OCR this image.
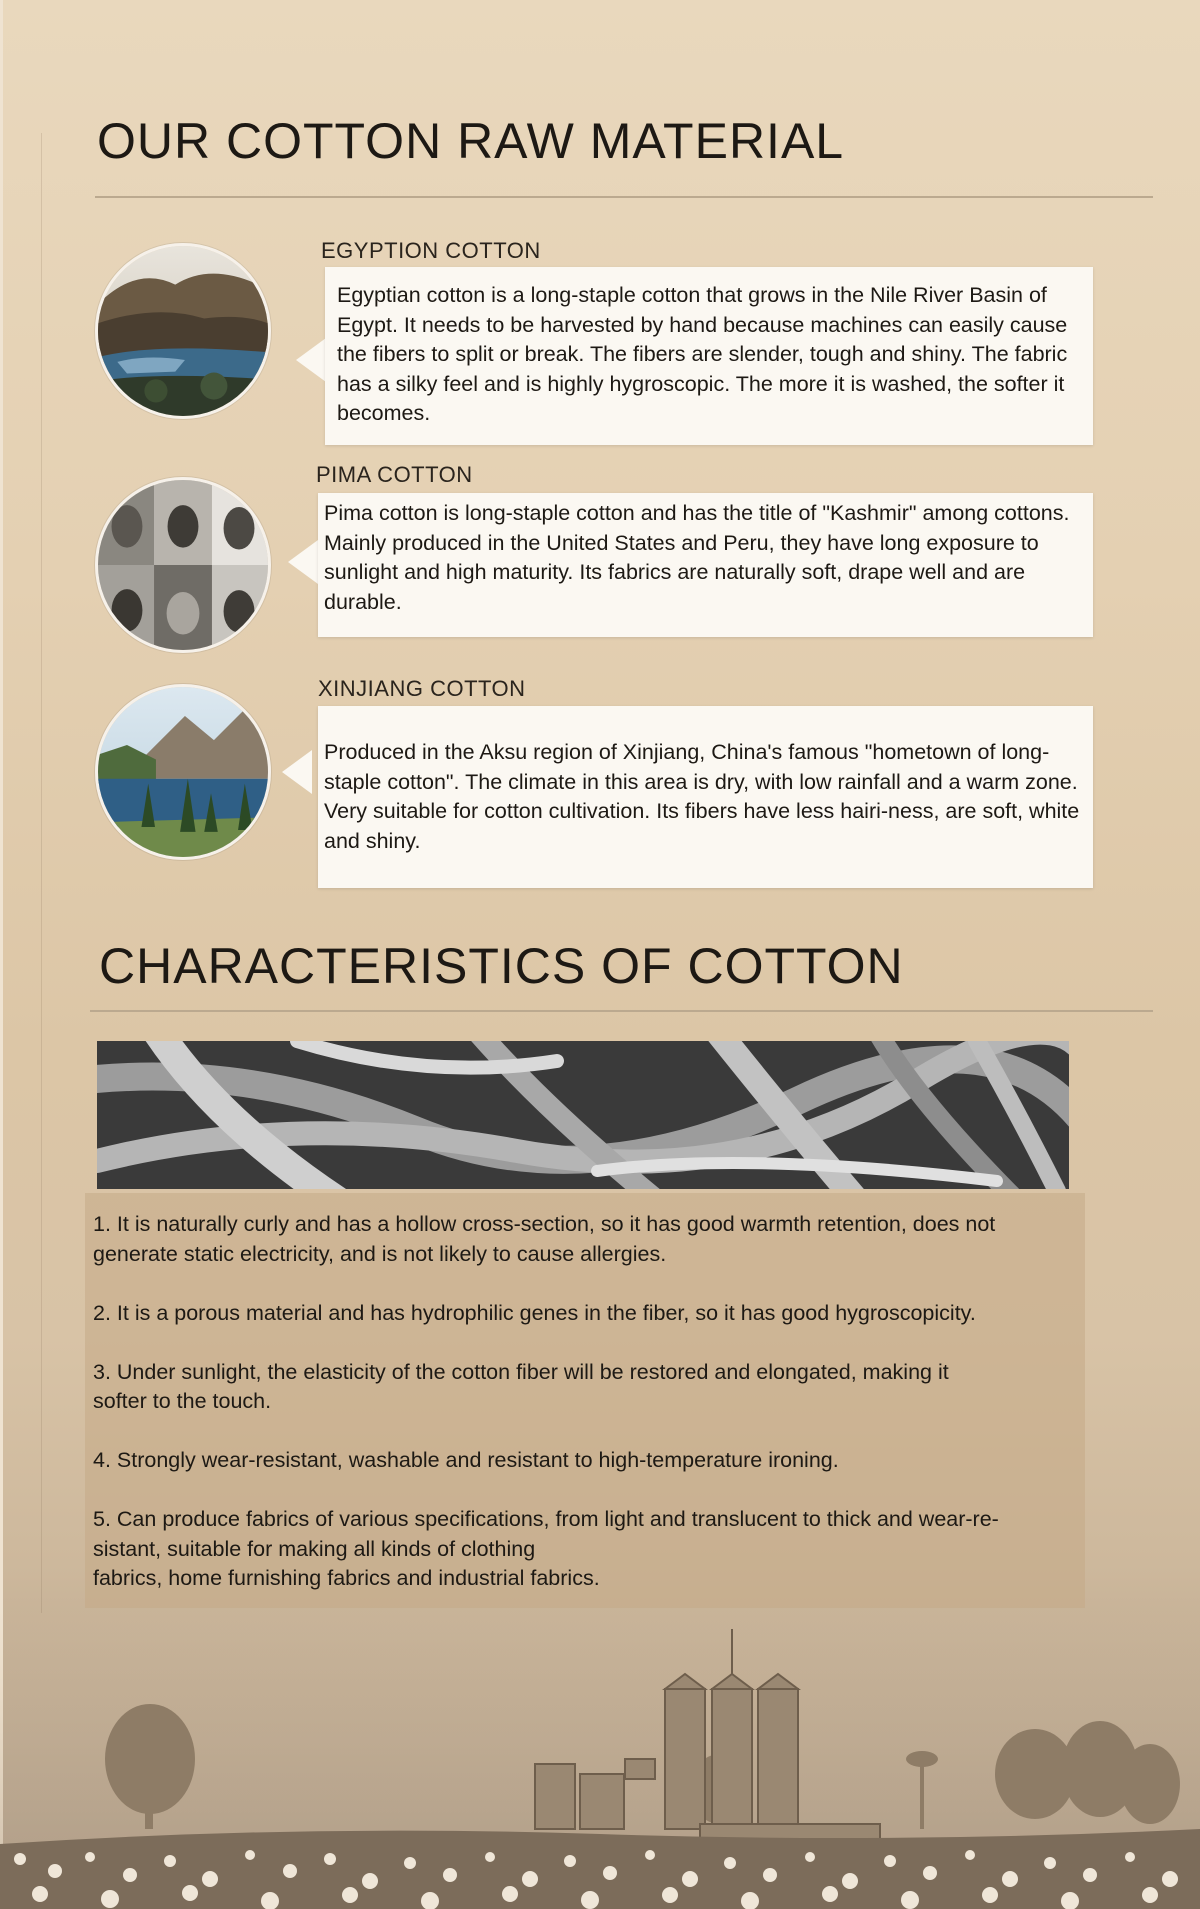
OUR COTTON RAW MATERIAL
EGYPTION COTTON

Egyptian cotton is a long-staple cotton that grows in the Nile River Basin of Egypt. It needs to be harvested by hand because machines can easily cause the fibers to split or break. The fibers are slender, tough and shiny. The fabric has a silky feel and is highly hygroscopic. The more it is washed, the softer it becomes.

PIMA COTTON

Pima cotton is long-staple cotton and has the title of "Kashmir" among cottons. Mainly produced in the United States and Peru, they have long exposure to sunlight and high maturity. Its fabrics are naturally soft, drape well and are durable.

XINJIANG COTTON

Produced in the Aksu region of Xinjiang, China's famous "hometown of long-staple cotton". The climate in this area is dry, with low rainfall and a warm zone. Very suitable for cotton cultivation. Its fibers have less hairi-ness, are soft, white and shiny.

CHARACTERISTICS OF COTTON

1. It is naturally curly and has a hollow cross-section, so it has good warmth retention, does not
generate static electricity, and is not likely to cause allergies.

2. It is a porous material and has hydrophilic genes in the fiber, so it has good hygroscopicity.

3. Under sunlight, the elasticity of the cotton fiber will be restored and elongated, making it
softer to the touch.

4. Strongly wear-resistant, washable and resistant to high-temperature ironing.

5. Can produce fabrics of various specifications, from light and translucent to thick and wear-re-
sistant, suitable for making all kinds of clothing
fabrics, home furnishing fabrics and industrial fabrics.
